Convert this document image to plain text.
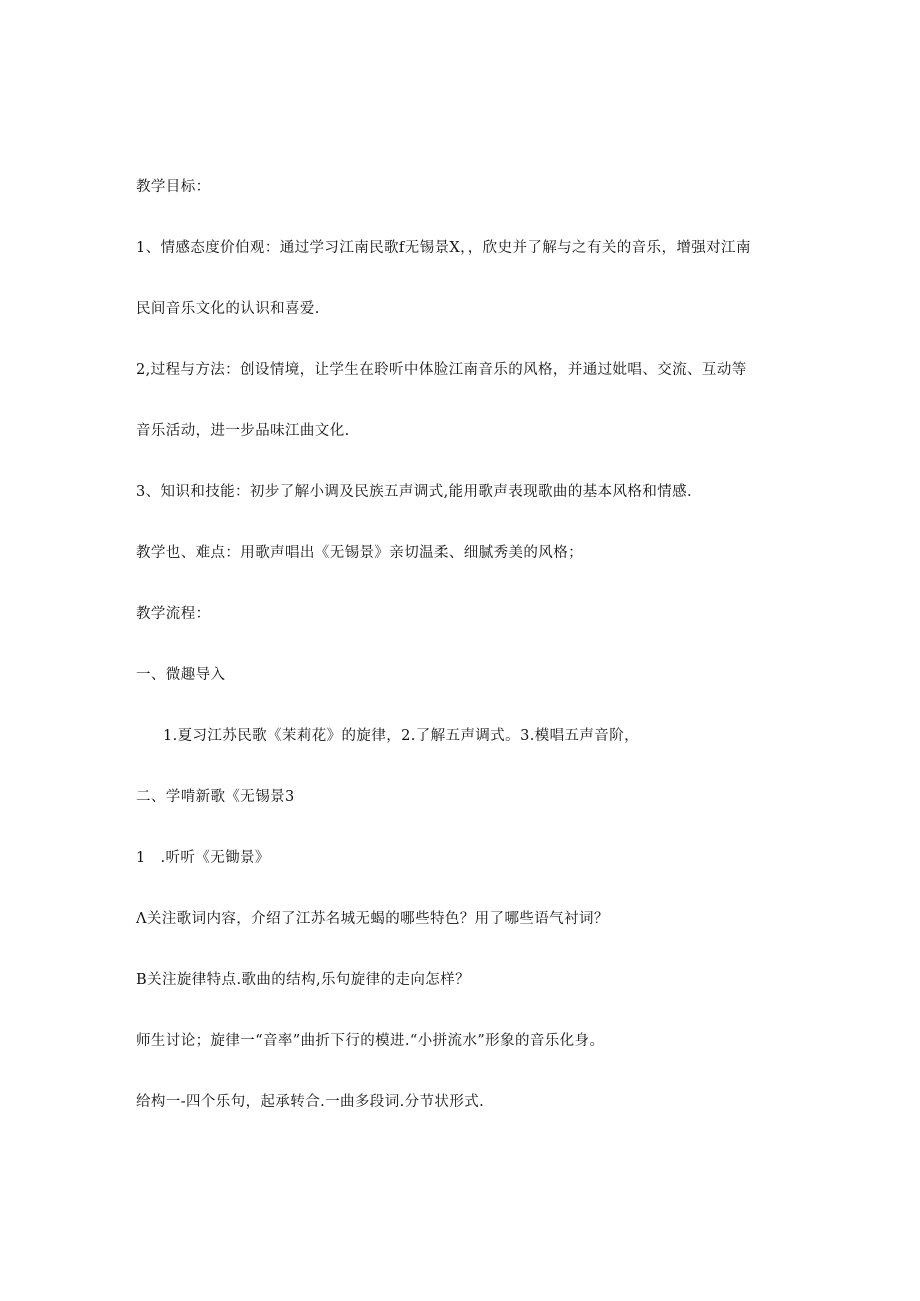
教学目标：
1、情感态度价伯观：通过学习江南民歌f无锡景X，，欣史并了解与之有关的音乐，增强对江南
民间音乐文化的认识和喜爱.
2,过程与方法：创设情境，让学生在聆听中体脸江南音乐的风格，并通过妣唱、交流、互动等
音乐活动，进一步品味江曲文化.
3、知识和技能：初步了解小调及民族五声调式,能用歌声表现歌曲的基本风格和情感.
教学也、难点：用歌声唱出《无锡景》亲切温柔、细腻秀美的风格；
教学流程：
一、微趣导入
1.夏习江苏民歌《茉莉花》的旋律，2.了解五声调式。3.模唱五声音阶，
二、学啃新歌《无锡景3
1　.听听《无锄景》
Λ关注歌词内容，介绍了江苏名城无蝎的哪些特色？用了哪些语气衬词？
B关注旋律特点.歌曲的结构,乐句旋律的走向怎样？
师生讨论；旋律一“音率”曲折下行的模进.“小拼流水”形象的音乐化身。
给构一-四个乐句，起承转合.一曲多段词.分节状形式.
